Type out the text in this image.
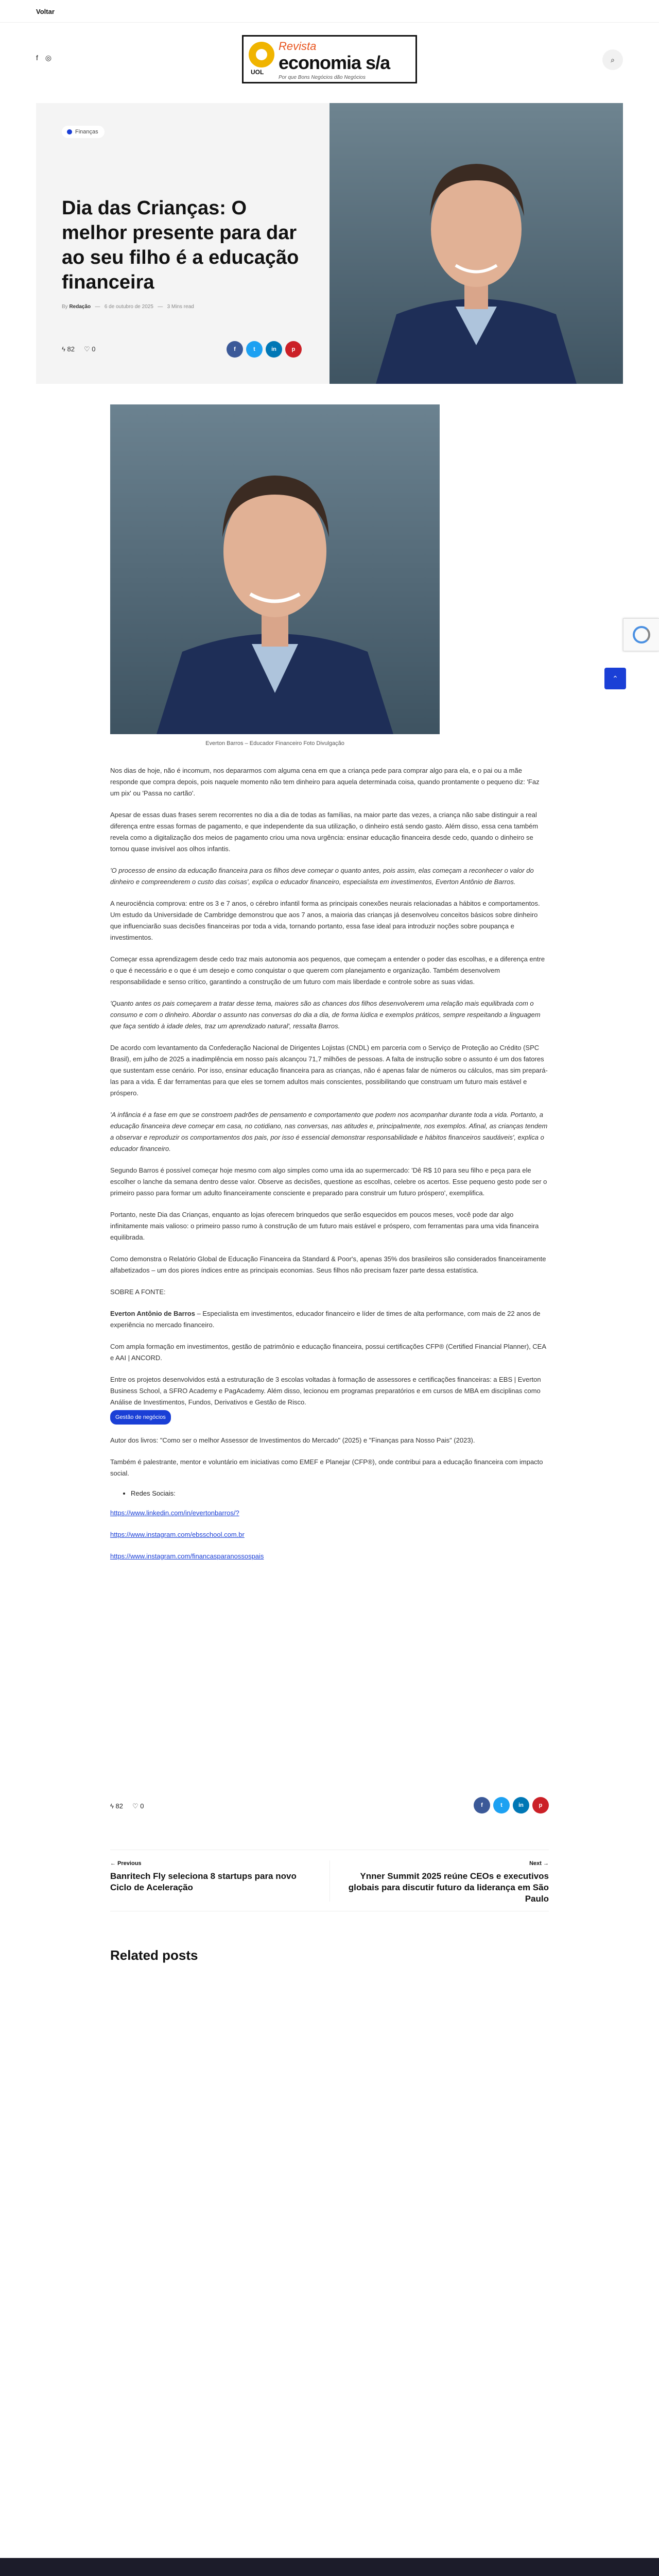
Voltar
f ◎
UOL
Revista
economia s/a
Por que Bons Negócios dão Negócios
⌕
Finanças
Dia das Crianças: O melhor presente para dar ao seu filho é a educação financeira
By Redação   —   6 de outubro de 2025   —   3 Mins read
ϟ 82 ♡ 0	f	t	in	p
Everton Barros – Educador Financeiro Foto Divulgação

Nos dias de hoje, não é incomum, nos depararmos com alguma cena em que a criança pede para comprar algo para ela, e o pai ou a mãe responde que compra depois, pois naquele momento não tem dinheiro para aquela determinada coisa, quando prontamente o pequeno diz: 'Faz um pix' ou 'Passa no cartão'.

Apesar de essas duas frases serem recorrentes no dia a dia de todas as famílias, na maior parte das vezes, a criança não sabe distinguir a real diferença entre essas formas de pagamento, e que independente da sua utilização, o dinheiro está sendo gasto. Além disso, essa cena também revela como a digitalização dos meios de pagamento criou uma nova urgência: ensinar educação financeira desde cedo, quando o dinheiro se tornou quase invisível aos olhos infantis.

'O processo de ensino da educação financeira para os filhos deve começar o quanto antes, pois assim, elas começam a reconhecer o valor do dinheiro e compreenderem o custo das coisas', explica o educador financeiro, especialista em investimentos, Everton Antônio de Barros.

A neurociência comprova: entre os 3 e 7 anos, o cérebro infantil forma as principais conexões neurais relacionadas a hábitos e comportamentos. Um estudo da Universidade de Cambridge demonstrou que aos 7 anos, a maioria das crianças já desenvolveu conceitos básicos sobre dinheiro que influenciarão suas decisões financeiras por toda a vida, tornando portanto, essa fase ideal para introduzir noções sobre poupança e investimentos.

Começar essa aprendizagem desde cedo traz mais autonomia aos pequenos, que começam a entender o poder das escolhas, e a diferença entre o que é necessário e o que é um desejo e como conquistar o que querem com planejamento e organização. Também desenvolvem responsabilidade e senso crítico, garantindo a construção de um futuro com mais liberdade e controle sobre as suas vidas.

'Quanto antes os pais começarem a tratar desse tema, maiores são as chances dos filhos desenvolverem uma relação mais equilibrada com o consumo e com o dinheiro. Abordar o assunto nas conversas do dia a dia, de forma lúdica e exemplos práticos, sempre respeitando a linguagem que faça sentido à idade deles, traz um aprendizado natural', ressalta Barros.

De acordo com levantamento da Confederação Nacional de Dirigentes Lojistas (CNDL) em parceria com o Serviço de Proteção ao Crédito (SPC Brasil), em julho de 2025 a inadimplência em nosso país alcançou 71,7 milhões de pessoas. A falta de instrução sobre o assunto é um dos fatores que sustentam esse cenário. Por isso, ensinar educação financeira para as crianças, não é apenas falar de números ou cálculos, mas sim prepará-las para a vida. É dar ferramentas para que eles se tornem adultos mais conscientes, possibilitando que construam um futuro mais estável e próspero.

'A infância é a fase em que se constroem padrões de pensamento e comportamento que podem nos acompanhar durante toda a vida. Portanto, a educação financeira deve começar em casa, no cotidiano, nas conversas, nas atitudes e, principalmente, nos exemplos. Afinal, as crianças tendem a observar e reproduzir os comportamentos dos pais, por isso é essencial demonstrar responsabilidade e hábitos financeiros saudáveis', explica o educador financeiro.

Segundo Barros é possível começar hoje mesmo com algo simples como uma ida ao supermercado: 'Dê R$ 10 para seu filho e peça para ele escolher o lanche da semana dentro desse valor. Observe as decisões, questione as escolhas, celebre os acertos. Esse pequeno gesto pode ser o primeiro passo para formar um adulto financeiramente consciente e preparado para construir um futuro próspero', exemplifica.

Portanto, neste Dia das Crianças, enquanto as lojas oferecem brinquedos que serão esquecidos em poucos meses, você pode dar algo infinitamente mais valioso: o primeiro passo rumo à construção de um futuro mais estável e próspero, com ferramentas para uma vida financeira equilibrada.

Como demonstra o Relatório Global de Educação Financeira da Standard & Poor's, apenas 35% dos brasileiros são considerados financeiramente alfabetizados – um dos piores índices entre as principais economias. Seus filhos não precisam fazer parte dessa estatística.

SOBRE A FONTE:

Everton Antônio de Barros – Especialista em investimentos, educador financeiro e líder de times de alta performance, com mais de 22 anos de experiência no mercado financeiro.

Com ampla formação em investimentos, gestão de patrimônio e educação financeira, possui certificações CFP® (Certified Financial Planner), CEA e AAI | ANCORD.

Entre os projetos desenvolvidos está a estruturação de 3 escolas voltadas à formação de assessores e certificações financeiras: a EBS | Everton Business School, a SFRO Academy e PagAcademy. Além disso, lecionou em programas preparatórios e em cursos de MBA em disciplinas como Análise de Investimentos, Fundos, Derivativos e Gestão de Risco.
Gestão de negócios

Autor dos livros: "Como ser o melhor Assessor de Investimentos do Mercado" (2025) e "Finanças para Nosso Pais" (2023).

Também é palestrante, mentor e voluntário em iniciativas como EMEF e Planejar (CFP®), onde contribui para a educação financeira com impacto social.

• Redes Sociais:

https://www.linkedin.com/in/evertonbarros/?

https://www.instagram.com/ebsschool.com.br

https://www.instagram.com/financasparanossospais

ϟ 82 ♡ 0	f	t	in	p
← Previous
Banritech Fly seleciona 8 startups para novo Ciclo de Aceleração
Next →
Ynner Summit 2025 reúne CEOs e executivos globais para discutir futuro da liderança em São Paulo
Related posts
⌃
